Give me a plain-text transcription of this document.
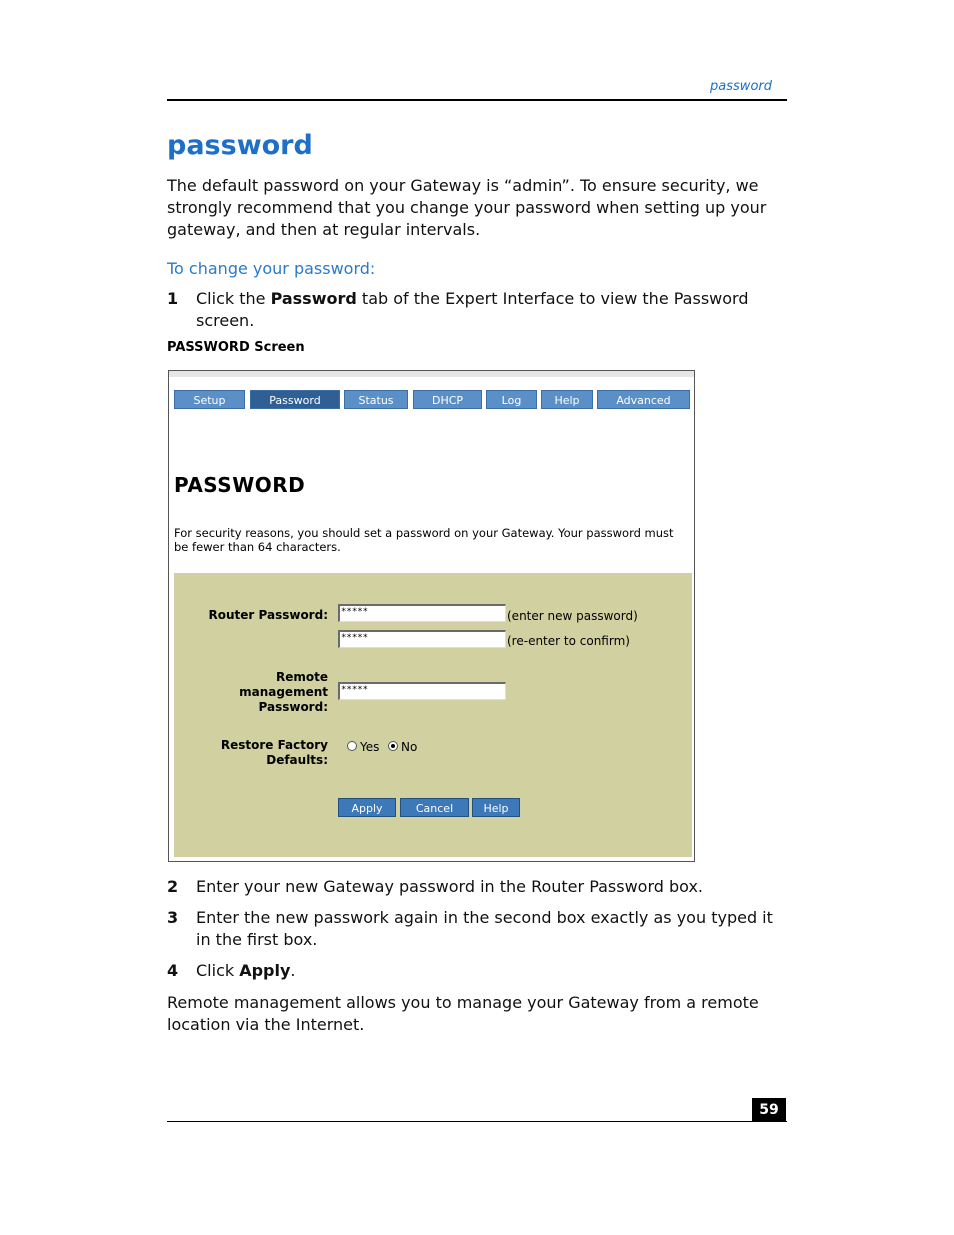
password
password
The default password on your Gateway is “admin”. To ensure security, we strongly recommend that you change your password when setting up your gateway, and then at regular intervals.
To change your password:
1 Click the Password tab of the Expert Interface to view the Password screen.
PASSWORD Screen
Setup	Password	Status	DHCP	Log	Help	Advanced
PASSWORD
For security reasons, you should set a password on your Gateway. Your password must be fewer than 64 characters.
Router Password:	*****	(enter new password)
*****	(re-enter to confirm)
Remote
management
Password:
*****
Restore Factory
Defaults:
Yes No
Apply	Cancel	Help
2 Enter your new Gateway password in the Router Password box.
3 Enter the new passwork again in the second box exactly as you typed it in the first box.
4 Click Apply.
Remote management allows you to manage your Gateway from a remote location via the Internet.
59
